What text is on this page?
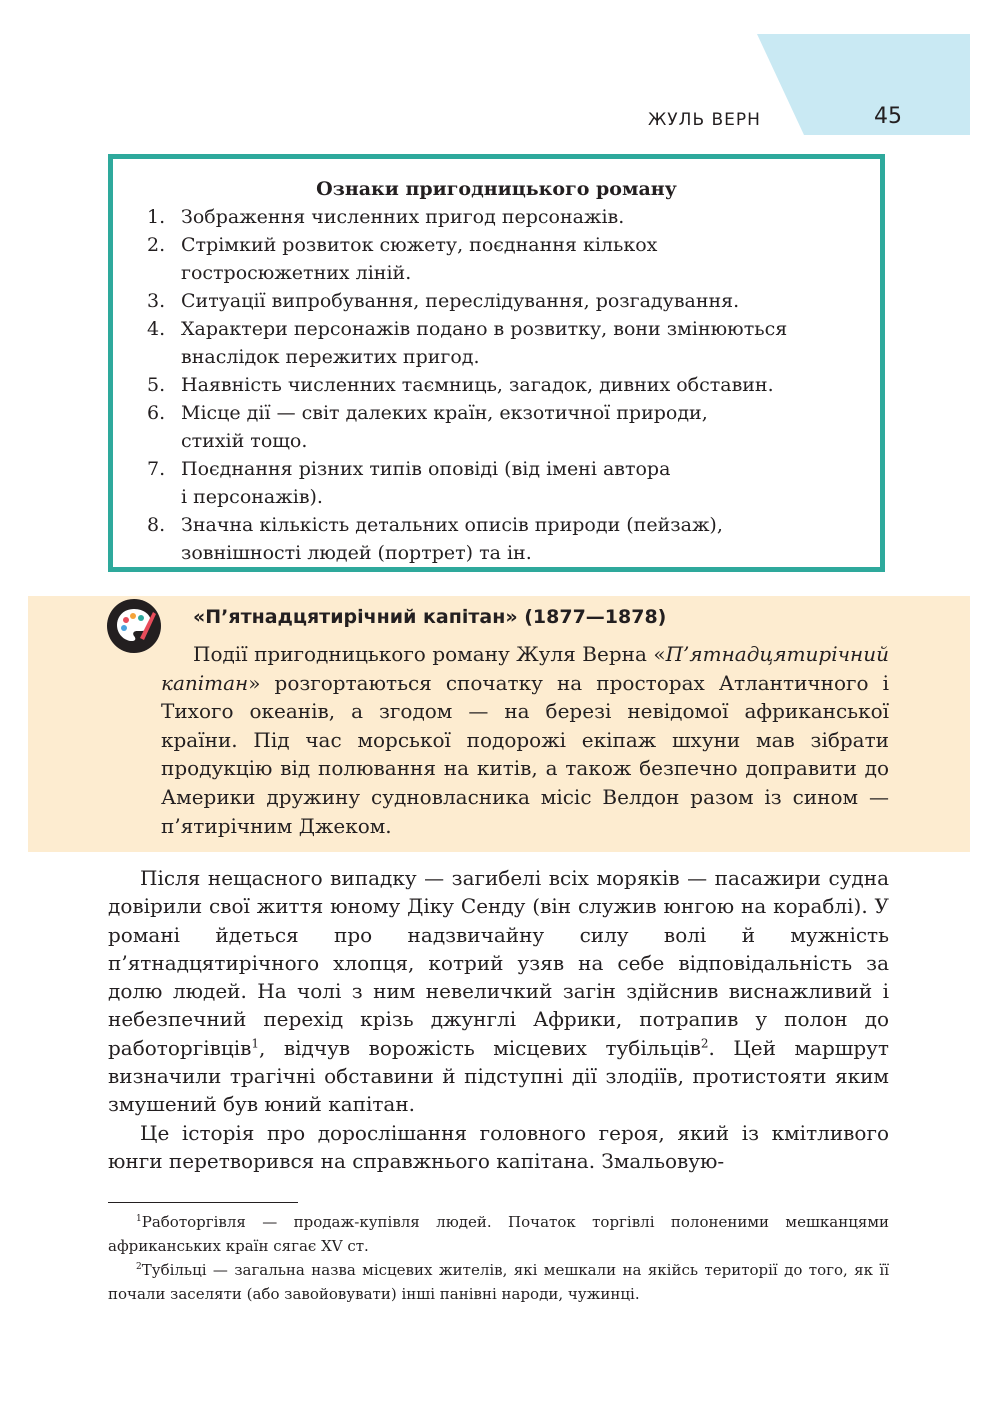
ЖУЛЬ ВЕРН	45
Ознаки пригодницького роману
1. Зображення численних пригод персонажів.
2. Стрімкий розвиток сюжету, поєднання кількох
гостросюжетних ліній.
3. Ситуації випробування, переслідування, розгадування.
4. Характери персонажів подано в розвитку, вони змінюються внаслідок пережитих пригод.
5. Наявність численних таємниць, загадок, дивних обставин.
6. Місце дії — світ далеких країн, екзотичної природи,
стихій тощо.
7. Поєднання різних типів оповіді (від імені автора
і персонажів).
8. Значна кількість детальних описів природи (пейзаж),
зовнішності людей (портрет) та ін.
«П’ятнадцятирічний капітан» (1877—1878)

Події пригодницького роману Жуля Верна «П’ятнадцятирічний капітан» розгортаються спочатку на просторах Атлантичного і Тихого океанів, а згодом — на березі невідомої африканської країни. Під час морської подорожі екіпаж шхуни мав зібрати продукцію від полювання на китів, а також безпечно доправити до Америки дружину судновласника місіс Велдон разом із сином — п’ятирічним Джеком.

Після нещасного випадку — загибелі всіх моряків — пасажири судна довірили свої життя юному Діку Сенду (він служив юнгою на кораблі). У романі йдеться про надзвичайну силу волі й мужність п’ятнадцятирічного хлопця, котрий узяв на себе відповідальність за долю людей. На чолі з ним невеличкий загін здійснив виснажливий і небезпечний перехід крізь джунглі Африки, потрапив у полон до работоргівців$^1$, відчув ворожість місцевих тубільців$^2$. Цей маршрут визначили трагічні обставини й підступні дії злодіїв, протистояти яким змушений був юний капітан.

Це історія про дорослішання головного героя, який із кмітливого юнги перетворився на справжнього капітана. Змальовую-

$^1$Работоргівля — продаж-купівля людей. Початок торгівлі полоненими мешканцями африканських країн сягає XV ст.

$^2$Тубільці — загальна назва місцевих жителів, які мешкали на якійсь території до того, як її почали заселяти (або завойовувати) інші панівні народи, чужинці.
